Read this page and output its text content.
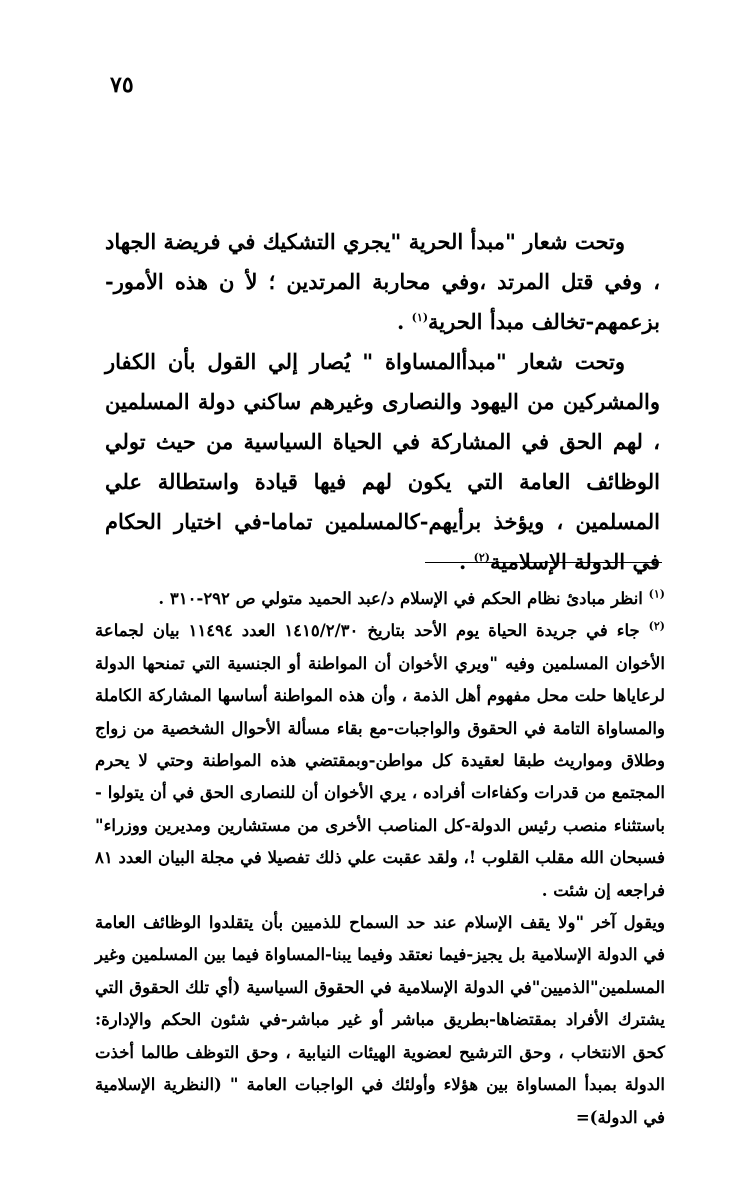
٧٥

وتحت شعار "مبدأ الحرية "يجري التشكيك في فريضة الجهاد ، وفي قتل المرتد ،وفي محاربة المرتدين ؛ لأ ن هذه الأمور-بزعمهم-تخالف مبدأ الحرية$^{(١)}$ .

وتحت شعار "مبدأالمساواة " يُصار إلي القول بأن الكفار والمشركين من اليهود والنصارى وغيرهم ساكني دولة المسلمين ، لهم الحق في المشاركة في الحياة السياسية من حيث تولي الوظائف العامة التي يكون لهم فيها قيادة واستطالة علي المسلمين ، ويؤخذ برأيهم-كالمسلمين تماما-في اختيار الحكام في الدولة الإسلامية$^{(٢)}$ .

$^{(١)}$ انظر مبادئ نظام الحكم في الإسلام د/عبد الحميد متولي ص ٢٩٢-٣١٠ .

$^{(٢)}$ جاء في جريدة الحياة يوم الأحد بتاريخ ١٤١٥/٢/٣٠ العدد ١١٤٩٤ بيان لجماعة الأخوان المسلمين وفيه "ويري الأخوان أن المواطنة أو الجنسية التي تمنحها الدولة لرعاياها حلت محل مفهوم أهل الذمة ، وأن هذه المواطنة أساسها المشاركة الكاملة والمساواة التامة في الحقوق والواجبات-مع بقاء مسألة الأحوال الشخصية من زواج وطلاق ومواريث طبقا لعقيدة كل مواطن-وبمقتضي هذه المواطنة وحتي لا يحرم المجتمع من قدرات وكفاءات أفراده ، يري الأخوان أن للنصارى الحق في أن يتولوا - باستثناء منصب رئيس الدولة-كل المناصب الأخرى من مستشارين ومديرين ووزراء" فسبحان الله مقلب القلوب !، ولقد عقبت علي ذلك تفصيلا في مجلة البيان العدد ٨١ فراجعه إن شئت .

ويقول آخر "ولا يقف الإسلام عند حد السماح للذميين بأن يتقلدوا الوظائف العامة في الدولة الإسلامية بل يجيز-فيما نعتقد وفيما يبنا-المساواة فيما بين المسلمين وغير المسلمين"الذميين"في الدولة الإسلامية في الحقوق السياسية (أي تلك الحقوق التي يشترك الأفراد بمقتضاها-بطريق مباشر أو غير مباشر-في شئون الحكم والإدارة: كحق الانتخاب ، وحق الترشيح لعضوية الهيئات النيابية ، وحق التوظف طالما أخذت الدولة بمبدأ المساواة بين هؤلاء وأولئك في الواجبات العامة " (النظرية الإسلامية في الدولة)=
